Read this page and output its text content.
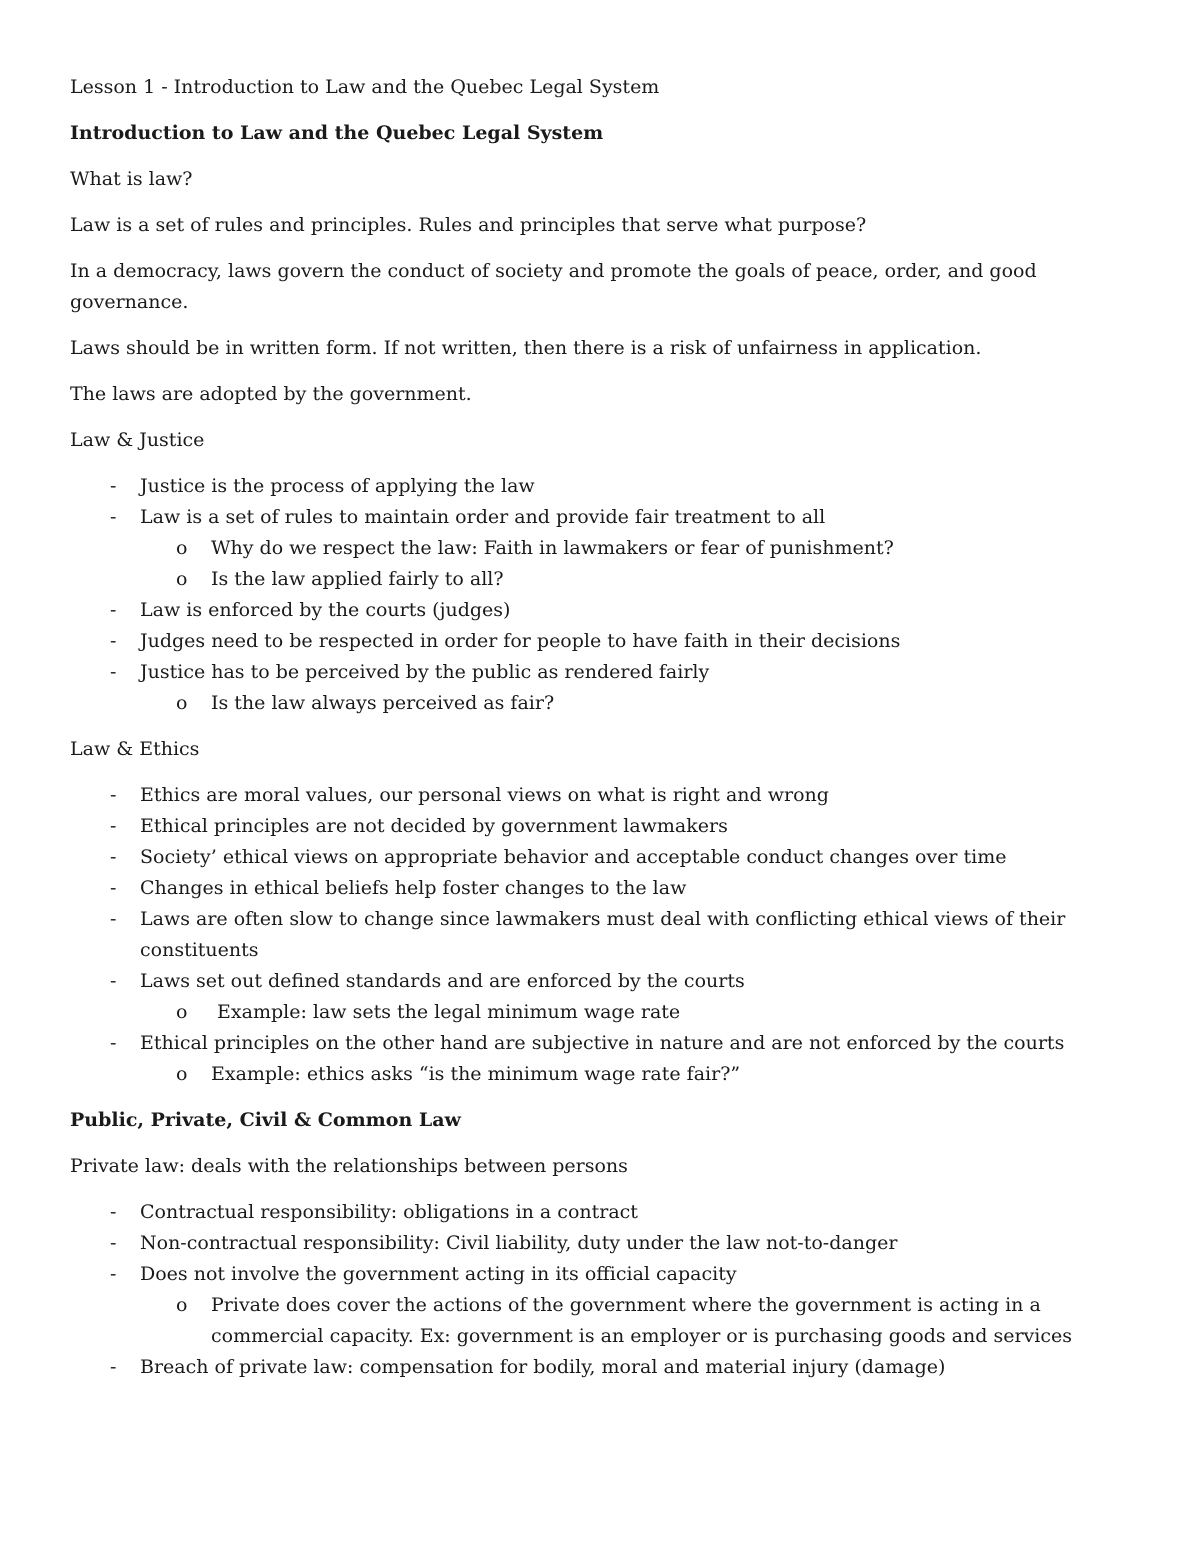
Lesson 1 - Introduction to Law and the Quebec Legal System

Introduction to Law and the Quebec Legal System

What is law?

Law is a set of rules and principles. Rules and principles that serve what purpose?

In a democracy, laws govern the conduct of society and promote the goals of peace, order, and good governance.

Laws should be in written form. If not written, then there is a risk of unfairness in application.

The laws are adopted by the government.

Law & Justice

- Justice is the process of applying the law
- Law is a set of rules to maintain order and provide fair treatment to all
o Why do we respect the law: Faith in lawmakers or fear of punishment?
o Is the law applied fairly to all?
- Law is enforced by the courts (judges)
- Judges need to be respected in order for people to have faith in their decisions
- Justice has to be perceived by the public as rendered fairly
o Is the law always perceived as fair?

Law & Ethics

- Ethics are moral values, our personal views on what is right and wrong
- Ethical principles are not decided by government lawmakers
- Society’ ethical views on appropriate behavior and acceptable conduct changes over time
- Changes in ethical beliefs help foster changes to the law
- Laws are often slow to change since lawmakers must deal with conflicting ethical views of their constituents
- Laws set out defined standards and are enforced by the courts
o Example: law sets the legal minimum wage rate
- Ethical principles on the other hand are subjective in nature and are not enforced by the courts
o Example: ethics asks “is the minimum wage rate fair?”

Public, Private, Civil & Common Law

Private law: deals with the relationships between persons

- Contractual responsibility: obligations in a contract
- Non-contractual responsibility: Civil liability, duty under the law not-to-danger
- Does not involve the government acting in its official capacity
o Private does cover the actions of the government where the government is acting in a commercial capacity. Ex: government is an employer or is purchasing goods and services
- Breach of private law: compensation for bodily, moral and material injury (damage)
